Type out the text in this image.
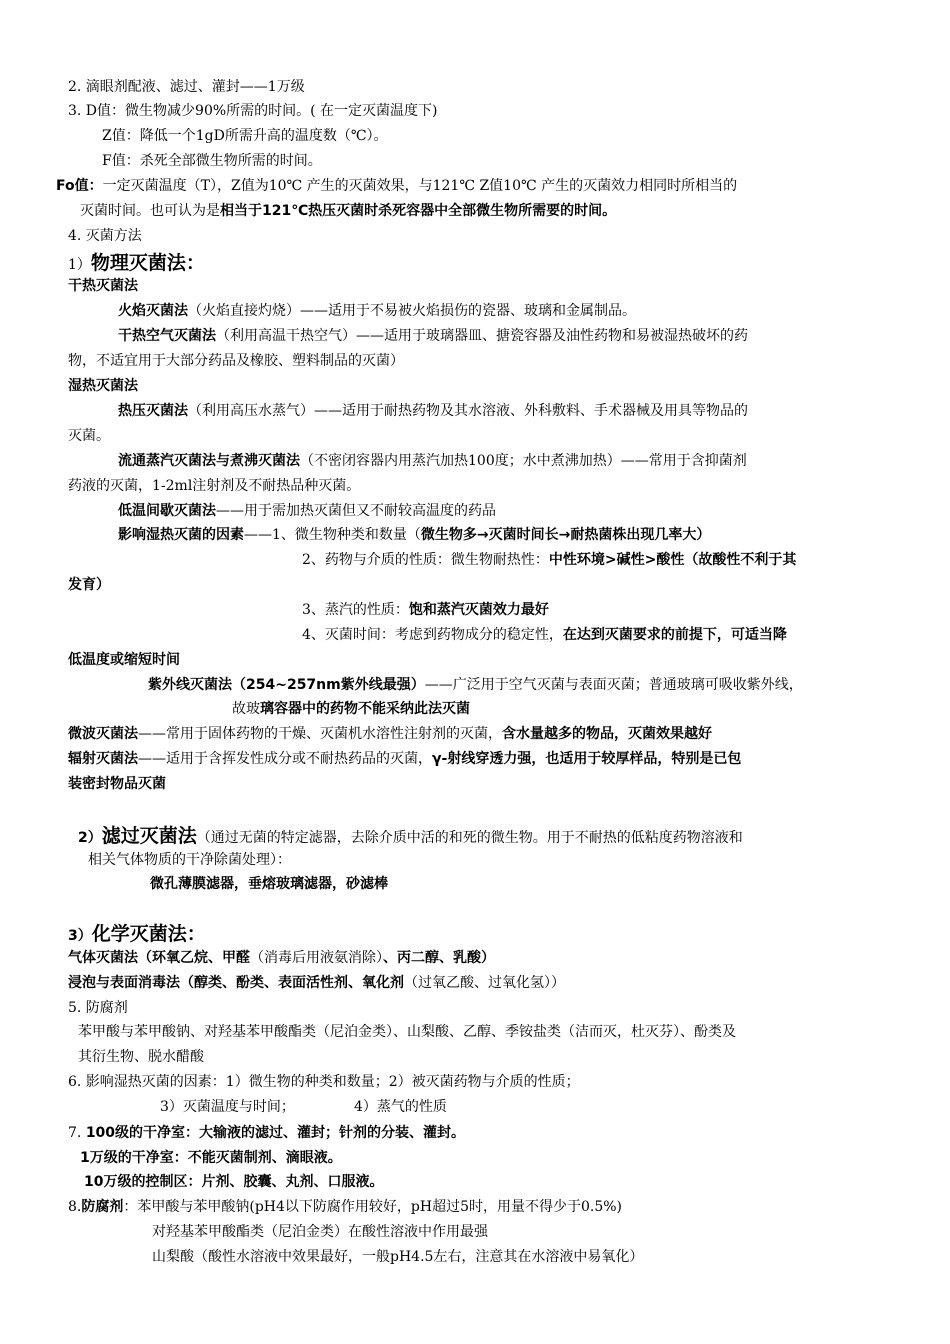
2. 滴眼剂配液、滤过、灌封——1万级
3. D值：微生物减少90%所需的时间。( 在一定灭菌温度下)
Z值：降低一个1gD所需升高的温度数（℃）。
F值：杀死全部微生物所需的时间。
Fo值：一定灭菌温度（T），Z值为10℃ 产生的灭菌效果，与121℃ Z值10℃ 产生的灭菌效力相同时所相当的
灭菌时间。也可认为是相当于121℃热压灭菌时杀死容器中全部微生物所需要的时间。
4. 灭菌方法
1）物理灭菌法：
干热灭菌法
火焰灭菌法（火焰直接灼烧）——适用于不易被火焰损伤的瓷器、玻璃和金属制品。
干热空气灭菌法（利用高温干热空气）——适用于玻璃器皿、搪瓷容器及油性药物和易被湿热破坏的药
物，不适宜用于大部分药品及橡胶、塑料制品的灭菌）
湿热灭菌法
热压灭菌法（利用高压水蒸气）——适用于耐热药物及其水溶液、外科敷料、手术器械及用具等物品的
灭菌。
流通蒸汽灭菌法与煮沸灭菌法（不密闭容器内用蒸汽加热100度；水中煮沸加热）——常用于含抑菌剂
药液的灭菌，1-2ml注射剂及不耐热品种灭菌。
低温间歇灭菌法——用于需加热灭菌但又不耐较高温度的药品
影响湿热灭菌的因素——1、微生物种类和数量（微生物多→灭菌时间长→耐热菌株出现几率大）
2、药物与介质的性质：微生物耐热性：中性环境>碱性>酸性（故酸性不利于其
发育）
3、蒸汽的性质：饱和蒸汽灭菌效力最好
4、灭菌时间：考虑到药物成分的稳定性，在达到灭菌要求的前提下，可适当降
低温度或缩短时间
紫外线灭菌法（254~257nm紫外线最强）——广泛用于空气灭菌与表面灭菌；普通玻璃可吸收紫外线，
故玻璃容器中的药物不能采纳此法灭菌
微波灭菌法——常用于固体药物的干燥、灭菌机水溶性注射剂的灭菌，含水量越多的物品，灭菌效果越好
辐射灭菌法——适用于含挥发性成分或不耐热药品的灭菌，γ-射线穿透力强，也适用于较厚样品，特别是已包
装密封物品灭菌
2）滤过灭菌法（通过无菌的特定滤器，去除介质中活的和死的微生物。用于不耐热的低粘度药物溶液和
相关气体物质的干净除菌处理）：
微孔薄膜滤器，垂熔玻璃滤器，砂滤棒
3）化学灭菌法：
气体灭菌法（环氧乙烷、甲醛（消毒后用液氨消除）、丙二醇、乳酸）
浸泡与表面消毒法（醇类、酚类、表面活性剂、氧化剂（过氧乙酸、过氧化氢））
5. 防腐剂
苯甲酸与苯甲酸钠、对羟基苯甲酸酯类（尼泊金类）、山梨酸、乙醇、季铵盐类（洁而灭，杜灭芬）、酚类及
其衍生物、脱水醋酸
6. 影响湿热灭菌的因素：1）微生物的种类和数量；2）被灭菌药物与介质的性质；
3）灭菌温度与时间；	4）蒸气的性质
7. 100级的干净室：大输液的滤过、灌封；针剂的分装、灌封。
1万级的干净室：不能灭菌制剂、滴眼液。
10万级的控制区：片剂、胶囊、丸剂、口服液。
8.防腐剂：苯甲酸与苯甲酸钠(pH4以下防腐作用较好，pH超过5时，用量不得少于0.5%)
对羟基苯甲酸酯类（尼泊金类）在酸性溶液中作用最强
山梨酸（酸性水溶液中效果最好，一般pH4.5左右，注意其在水溶液中易氧化）
